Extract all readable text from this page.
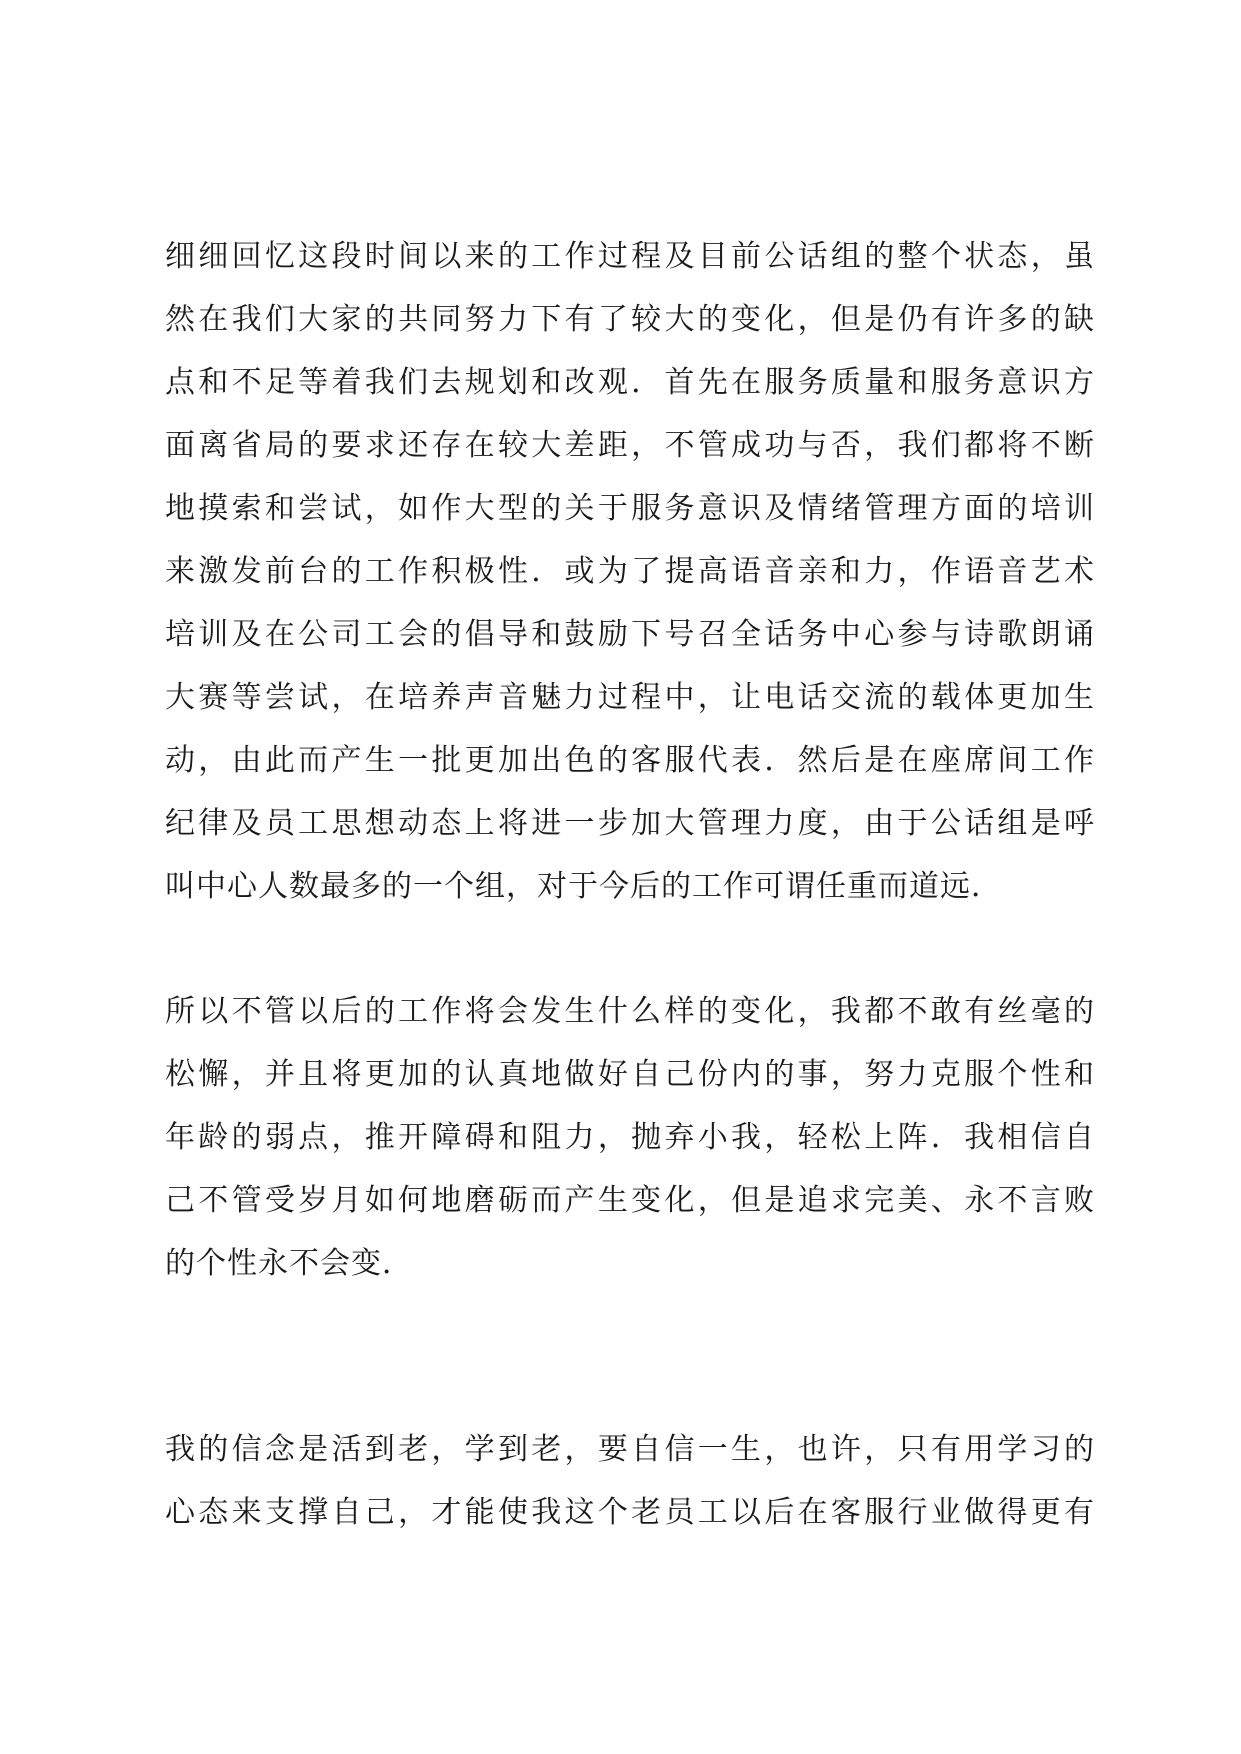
细细回忆这段时间以来的工作过程及目前公话组的整个状态，虽
然在我们大家的共同努力下有了较大的变化，但是仍有许多的缺
点和不足等着我们去规划和改观．首先在服务质量和服务意识方
面离省局的要求还存在较大差距，不管成功与否，我们都将不断
地摸索和尝试，如作大型的关于服务意识及情绪管理方面的培训
来激发前台的工作积极性．或为了提高语音亲和力，作语音艺术
培训及在公司工会的倡导和鼓励下号召全话务中心参与诗歌朗诵
大赛等尝试，在培养声音魅力过程中，让电话交流的载体更加生
动，由此而产生一批更加出色的客服代表．然后是在座席间工作
纪律及员工思想动态上将进一步加大管理力度，由于公话组是呼
叫中心人数最多的一个组，对于今后的工作可谓任重而道远．
所以不管以后的工作将会发生什么样的变化，我都不敢有丝毫的
松懈，并且将更加的认真地做好自己份内的事，努力克服个性和
年龄的弱点，推开障碍和阻力，抛弃小我，轻松上阵．我相信自
己不管受岁月如何地磨砺而产生变化，但是追求完美、永不言败
的个性永不会变．
我的信念是活到老，学到老，要自信一生，也许，只有用学习的
心态来支撑自己，才能使我这个老员工以后在客服行业做得更有
